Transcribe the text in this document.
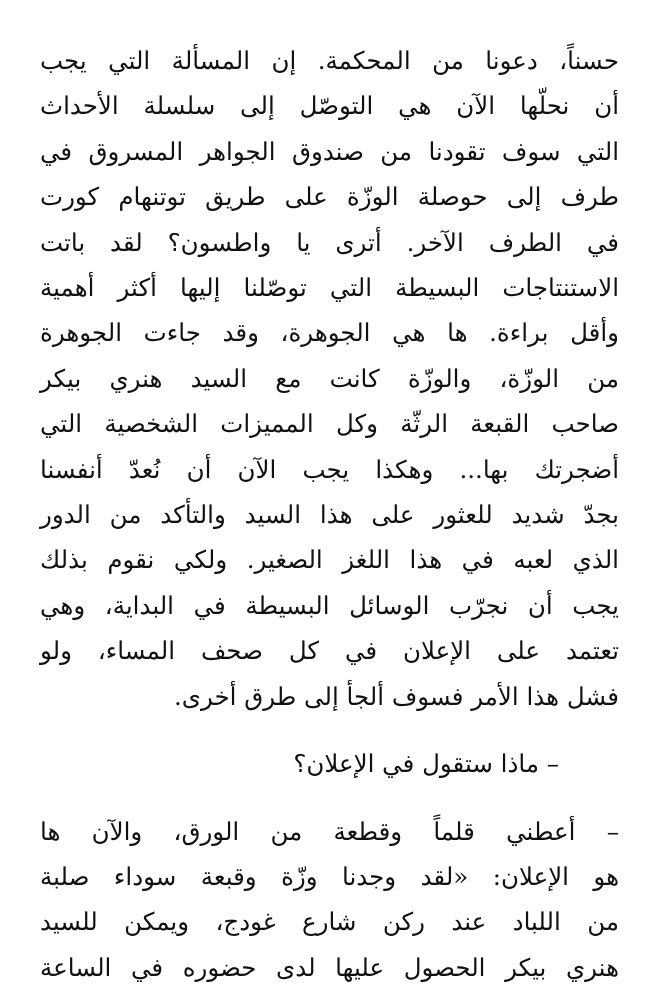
حسناً، دعونا من المحكمة. إن المسألة التي يجب
أن نحلّها الآن هي التوصّل إلى سلسلة الأحداث
التي سوف تقودنا من صندوق الجواهر المسروق في
طرف إلى حوصلة الوزّة على طريق توتنهام كورت
في الطرف الآخر. أترى يا واطسون؟ لقد باتت
الاستنتاجات البسيطة التي توصّلنا إليها أكثر أهمية
وأقل براءة. ها هي الجوهرة، وقد جاءت الجوهرة
من الوزّة، والوزّة كانت مع السيد هنري بيكر
صاحب القبعة الرثّة وكل المميزات الشخصية التي
أضجرتك بها... وهكذا يجب الآن أن نُعدّ أنفسنا
بجدّ شديد للعثور على هذا السيد والتأكد من الدور
الذي لعبه في هذا اللغز الصغير. ولكي نقوم بذلك
يجب أن نجرّب الوسائل البسيطة في البداية، وهي
تعتمد على الإعلان في كل صحف المساء، ولو
فشل هذا الأمر فسوف ألجأ إلى طرق أخرى.
– ماذا ستقول في الإعلان؟
– أعطني قلماً وقطعة من الورق، والآن ها
هو الإعلان: «لقد وجدنا وزّة وقبعة سوداء صلبة
من اللباد عند ركن شارع غودج، ويمكن للسيد
هنري بيكر الحصول عليها لدى حضوره في الساعة
